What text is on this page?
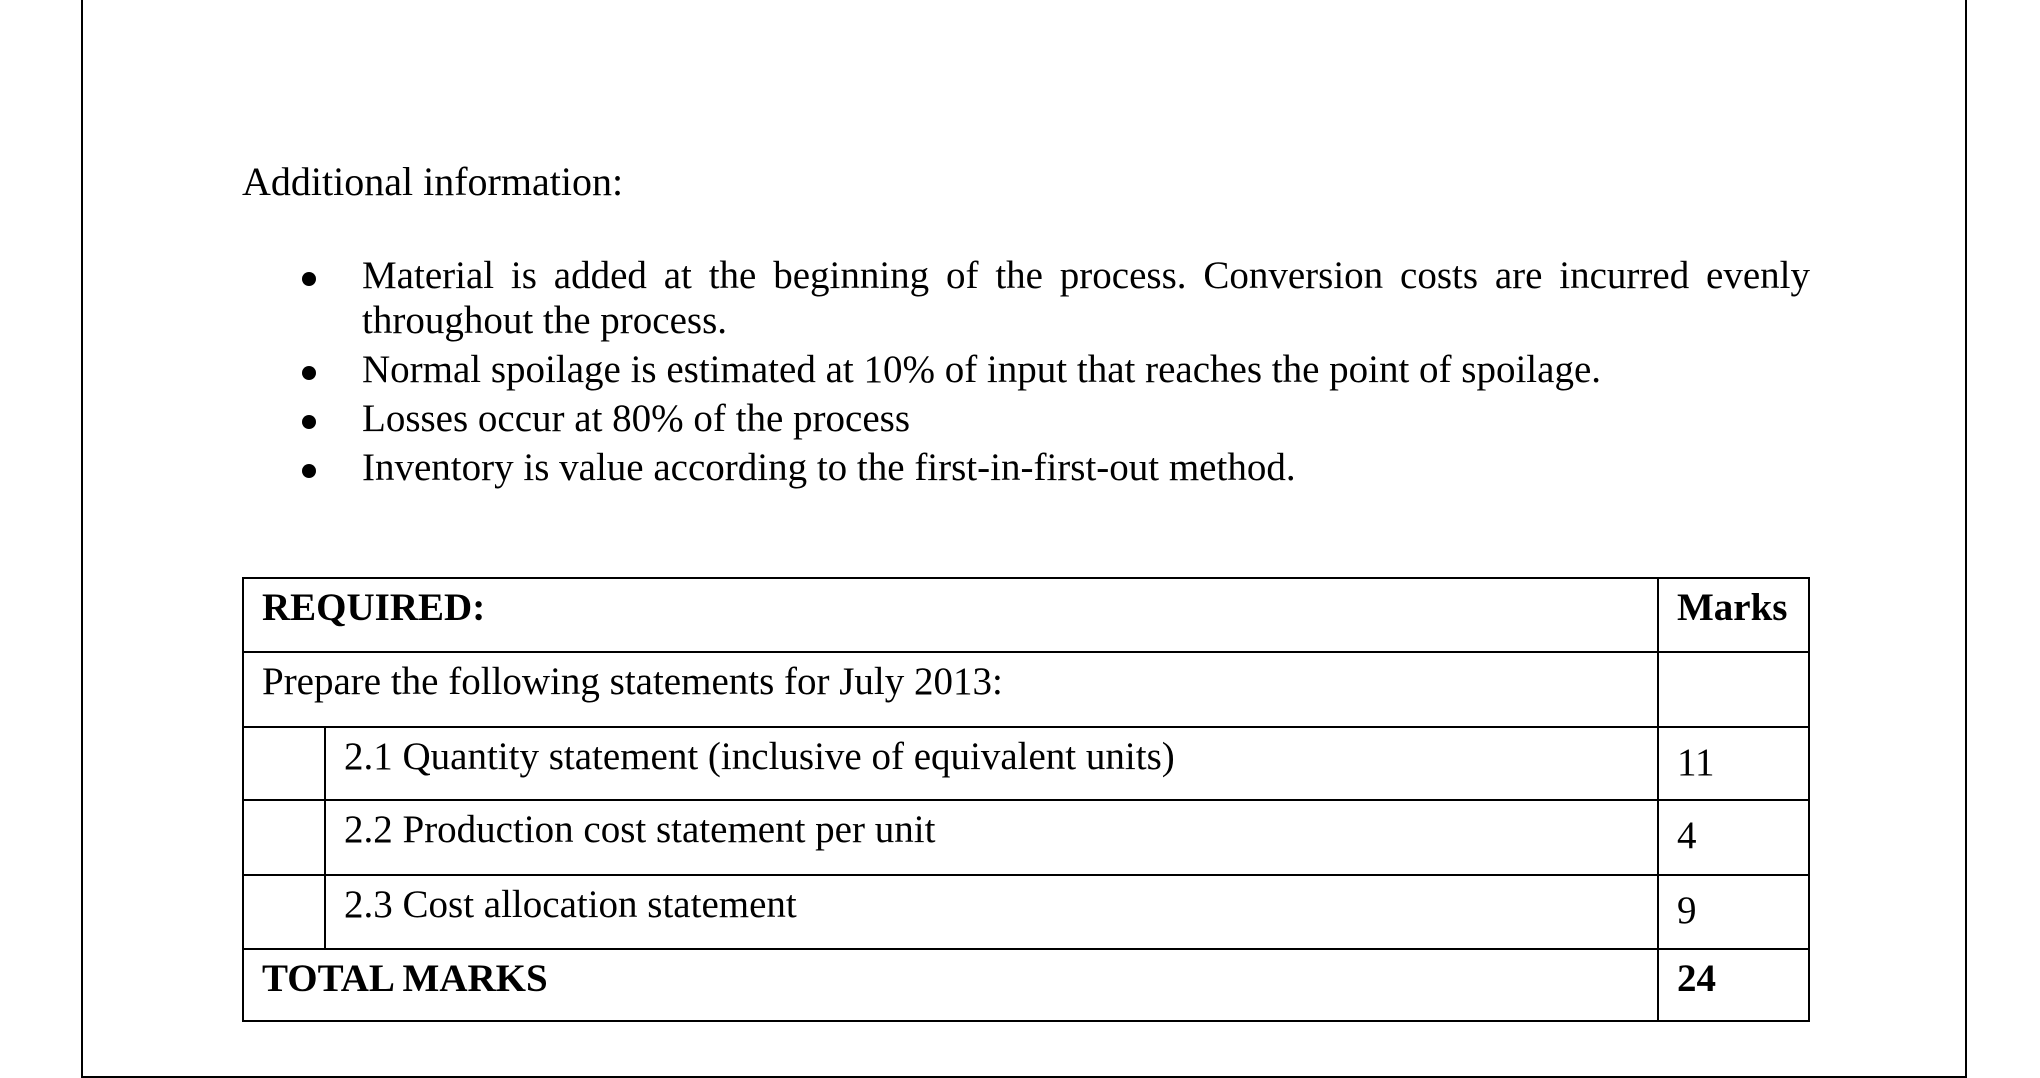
Additional information:
Material is added at the beginning of the process. Conversion costs are incurred evenly throughout the process.
Normal spoilage is estimated at 10% of input that reaches the point of spoilage.
Losses occur at 80% of the process
Inventory is value according to the first-in-first-out method.
REQUIRED:		Marks
Prepare the following statements for July 2013:		
	2.1 Quantity statement (inclusive of equivalent units)	11
	2.2 Production cost statement per unit	4
	2.3 Cost allocation statement	9
TOTAL MARKS		24
